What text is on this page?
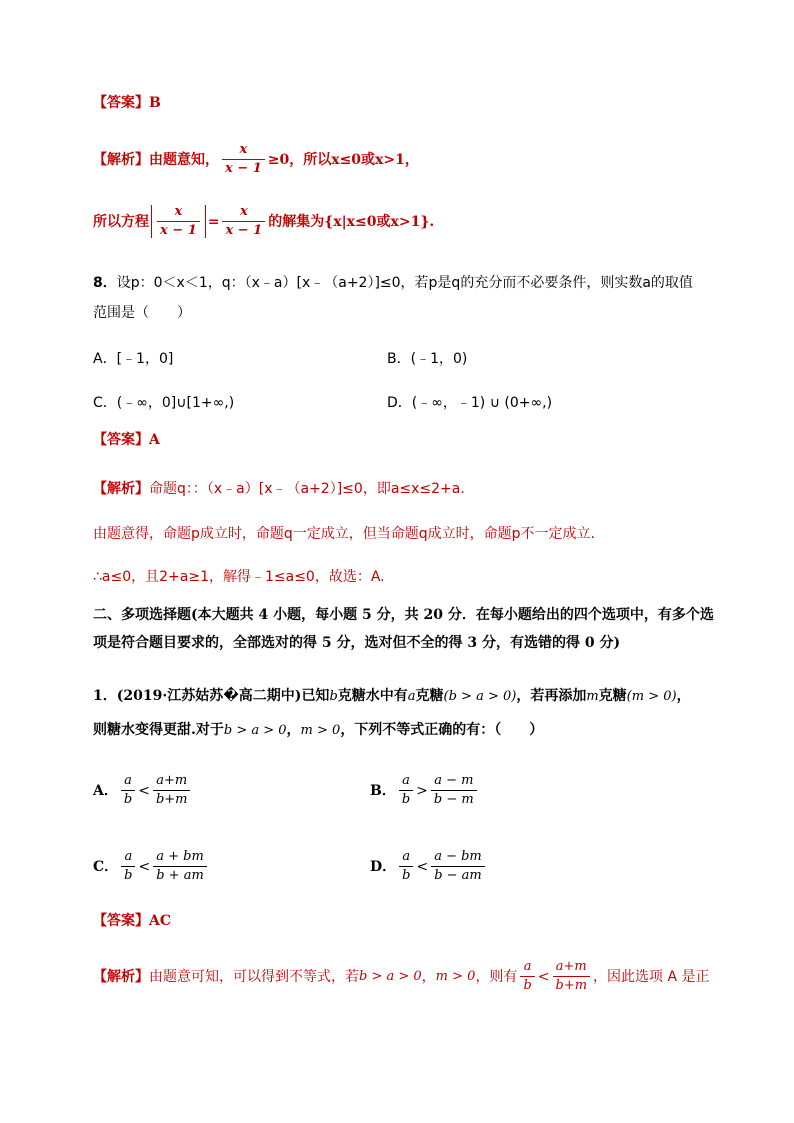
【答案】B
【解析】由题意知， $\frac{x}{x - 1} \ge 0$，所以x≤0或x>1，
所以方程 $\frac{x}{x - 1} = \frac{x}{x - 1}$ 的解集为{x|x≤0或x>1}.
8．设p：0＜x＜1，q：（x﹣a）[x﹣（a+2）]≤0，若p是q的充分而不必要条件，则实数a的取值
范围是（　　）
A．[﹣1，0]	B．(﹣1，0)
C．(﹣∞，0]∪[1+∞,)	D．(﹣∞，﹣1) ∪ (0+∞,)
【答案】A
【解析】命题q：：（x﹣a）[x﹣（a+2）]≤0，即a≤x≤2+a.
由题意得，命题p成立时，命题q一定成立，但当命题q成立时，命题p不一定成立.
∴a≤0，且2+a≥1，解得﹣1≤a≤0，故选：A.
二、多项选择题(本大题共 4 小题，每小题 5 分，共 20 分．在每小题给出的四个选项中，有多个选
项是符合题目要求的，全部选对的得 5 分，选对但不全的得 3 分，有选错的得 0 分)
1．(2019·江苏姑苏�高二期中)已知b克糖水中有a克糖(b > a > 0)，若再添加m克糖(m > 0)，
则糖水变得更甜.对于b > a > 0，m > 0，下列不等式正确的有：（　　）
A． $\frac{a}{b} < \frac{a+m}{b+m}$	B． $\frac{a}{b} > \frac{a - m}{b - m}$
C． $\frac{a}{b} < \frac{a + bm}{b + am}$	D． $\frac{a}{b} < \frac{a - bm}{b - am}$
【答案】AC
【解析】由题意可知，可以得到不等式，若b > a > 0，m > 0，则有 $\frac{a}{b} < \frac{a+m}{b+m}$ ，因此选项 A 是正
